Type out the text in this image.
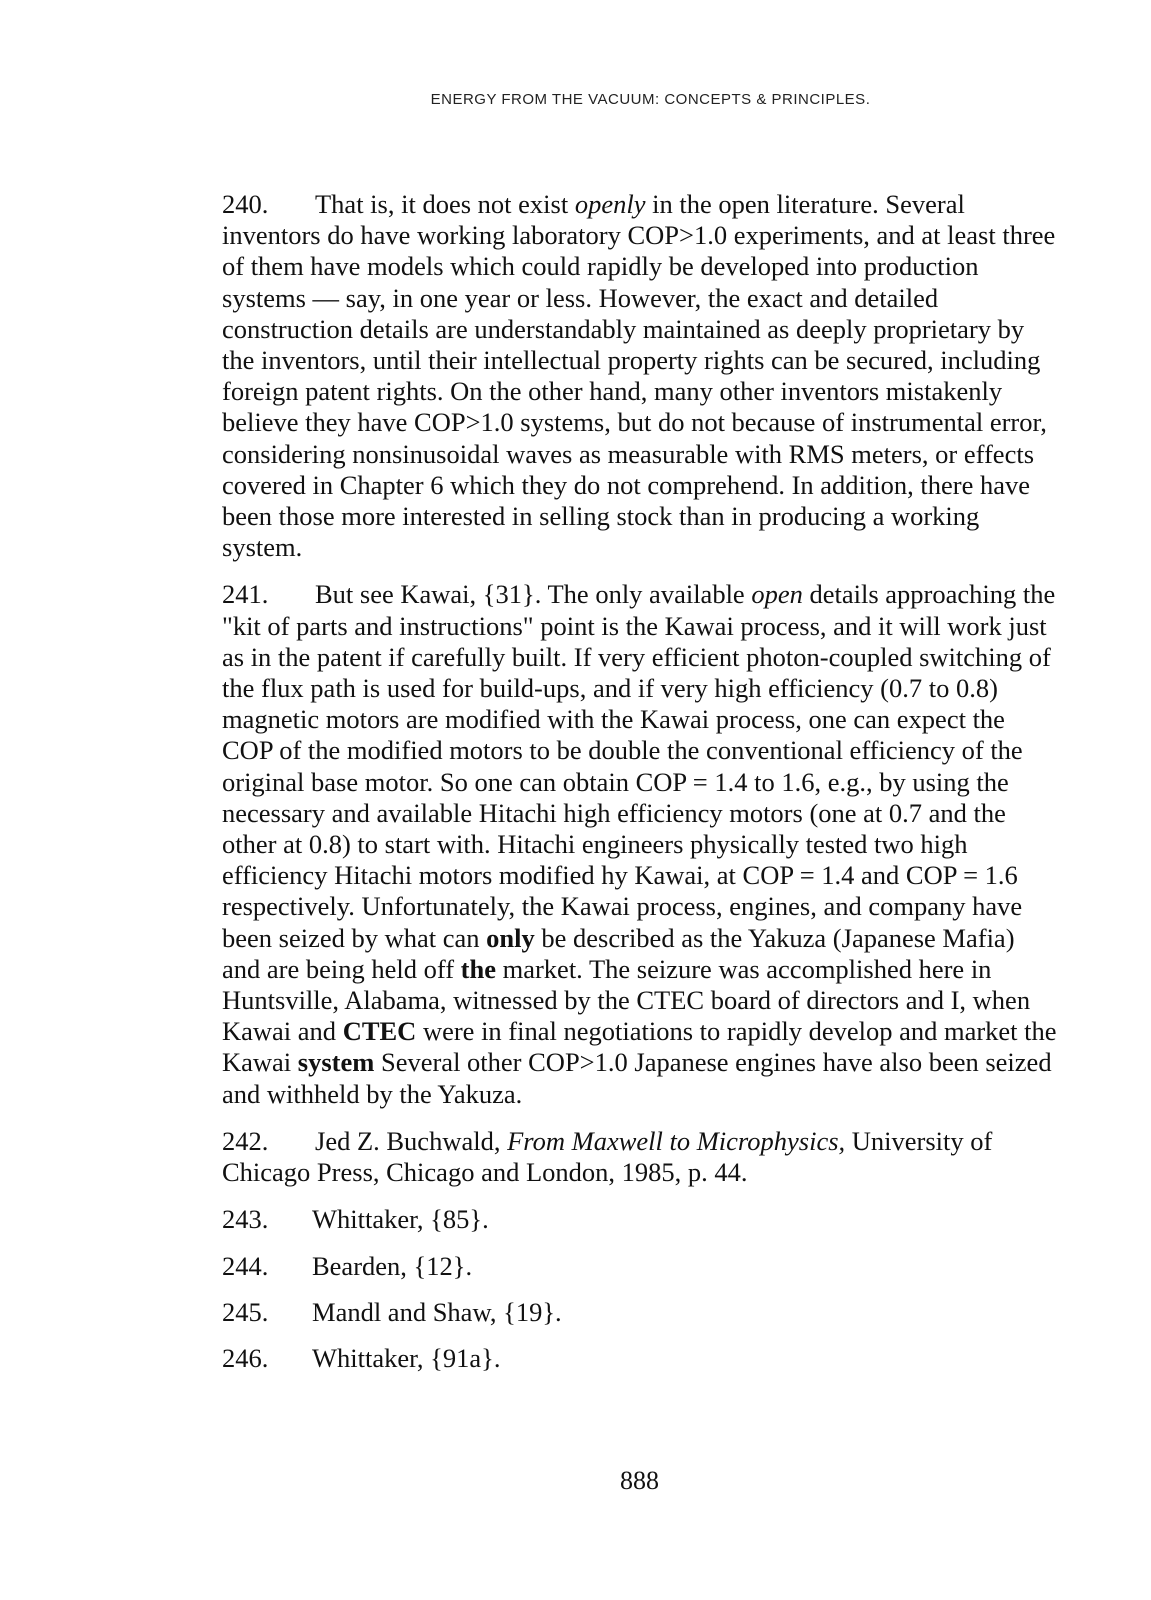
ENERGY FROM THE VACUUM: CONCEPTS & PRINCIPLES.

240. That is, it does not exist openly in the open literature. Several inventors do have working laboratory COP>1.0 experiments, and at least three of them have models which could rapidly be developed into production systems — say, in one year or less. However, the exact and detailed construction details are understandably maintained as deeply proprietary by the inventors, until their intellectual property rights can be secured, including foreign patent rights. On the other hand, many other inventors mistakenly believe they have COP>1.0 systems, but do not because of instrumental error, considering nonsinusoidal waves as measurable with RMS meters, or effects covered in Chapter 6 which they do not comprehend. In addition, there have been those more interested in selling stock than in producing a working system.

241. But see Kawai, {31}. The only available open details approaching the "kit of parts and instructions" point is the Kawai process, and it will work just as in the patent if carefully built. If very efficient photon-coupled switching of the flux path is used for build-ups, and if very high efficiency (0.7 to 0.8) magnetic motors are modified with the Kawai process, one can expect the COP of the modified motors to be double the conventional efficiency of the original base motor. So one can obtain COP = 1.4 to 1.6, e.g., by using the necessary and available Hitachi high efficiency motors (one at 0.7 and the other at 0.8) to start with. Hitachi engineers physically tested two high efficiency Hitachi motors modified hy Kawai, at COP = 1.4 and COP = 1.6 respectively. Unfortunately, the Kawai process, engines, and company have been seized by what can only be described as the Yakuza (Japanese Mafia) and are being held off the market. The seizure was accomplished here in Huntsville, Alabama, witnessed by the CTEC board of directors and I, when Kawai and CTEC were in final negotiations to rapidly develop and market the Kawai system Several other COP>1.0 Japanese engines have also been seized and withheld by the Yakuza.

242. Jed Z. Buchwald, From Maxwell to Microphysics, University of Chicago Press, Chicago and London, 1985, p. 44.

243. Whittaker, {85}.

244. Bearden, {12}.

245. Mandl and Shaw, {19}.

246. Whittaker, {91a}.

888
